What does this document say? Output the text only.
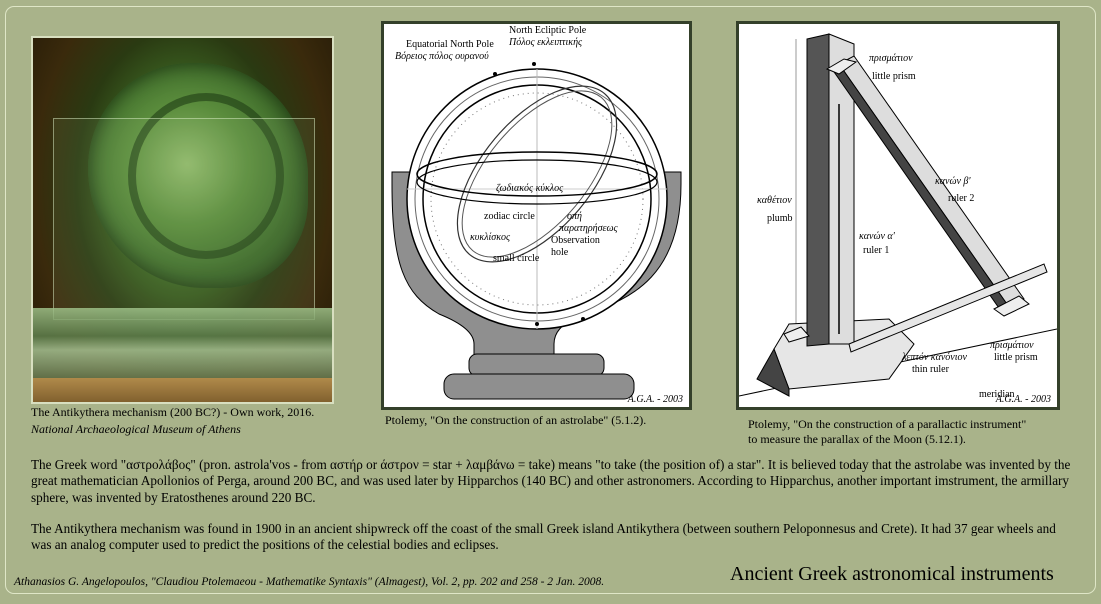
The Antikythera mechanism (200 BC?) - Own work, 2016.
National Archaeological Museum of Athens
North Ecliptic Pole
Πόλος εκλειπτικής
Equatorial North Pole
Βόρειος πόλος ουρανού
ζωδιακός κύκλος
zodiac circle
κυκλίσκος
small circle
οπή
παρατηρήσεως
Observation
hole
A.G.A. - 2003
Ptolemy, "On the construction of an astrolabe" (5.1.2).
πρισμάτιον
little prism
κανών β'
ruler 2
καθέτιον
plumb
κανών α'
ruler 1
πρισμάτιον
little prism
λεπτόν κανόνιον
thin ruler
meridian
A.G.A. - 2003
Ptolemy, "On the construction of a parallactic instrument"
to measure the parallax of the Moon (5.12.1).

The Greek word "αστρολάβος" (pron. astrola'vos - from αστήρ or άστρον = star + λαμβάνω = take) means "to take (the position of) a star". It is believed today that the astrolabe was invented by the great mathematician Apollonios of Perga, around 200 BC, and was used later by Hipparchos (140 BC) and other astronomers. According to Hipparchus, another important imstrument, the armillary sphere, was invented by Eratosthenes around 220 BC.

The Antikythera mechanism was found in 1900 in an ancient shipwreck off the coast of the small Greek island Antikythera (between southern Peloponnesus and Crete). It had 37 gear wheels and was an analog computer used to predict the positions of the celestial bodies and eclipses.

Athanasios G. Angelopoulos, "Claudiou Ptolemaeou - Mathematike Syntaxis" (Almagest), Vol. 2, pp. 202 and 258 - 2 Jan. 2008.	Ancient Greek astronomical instruments
